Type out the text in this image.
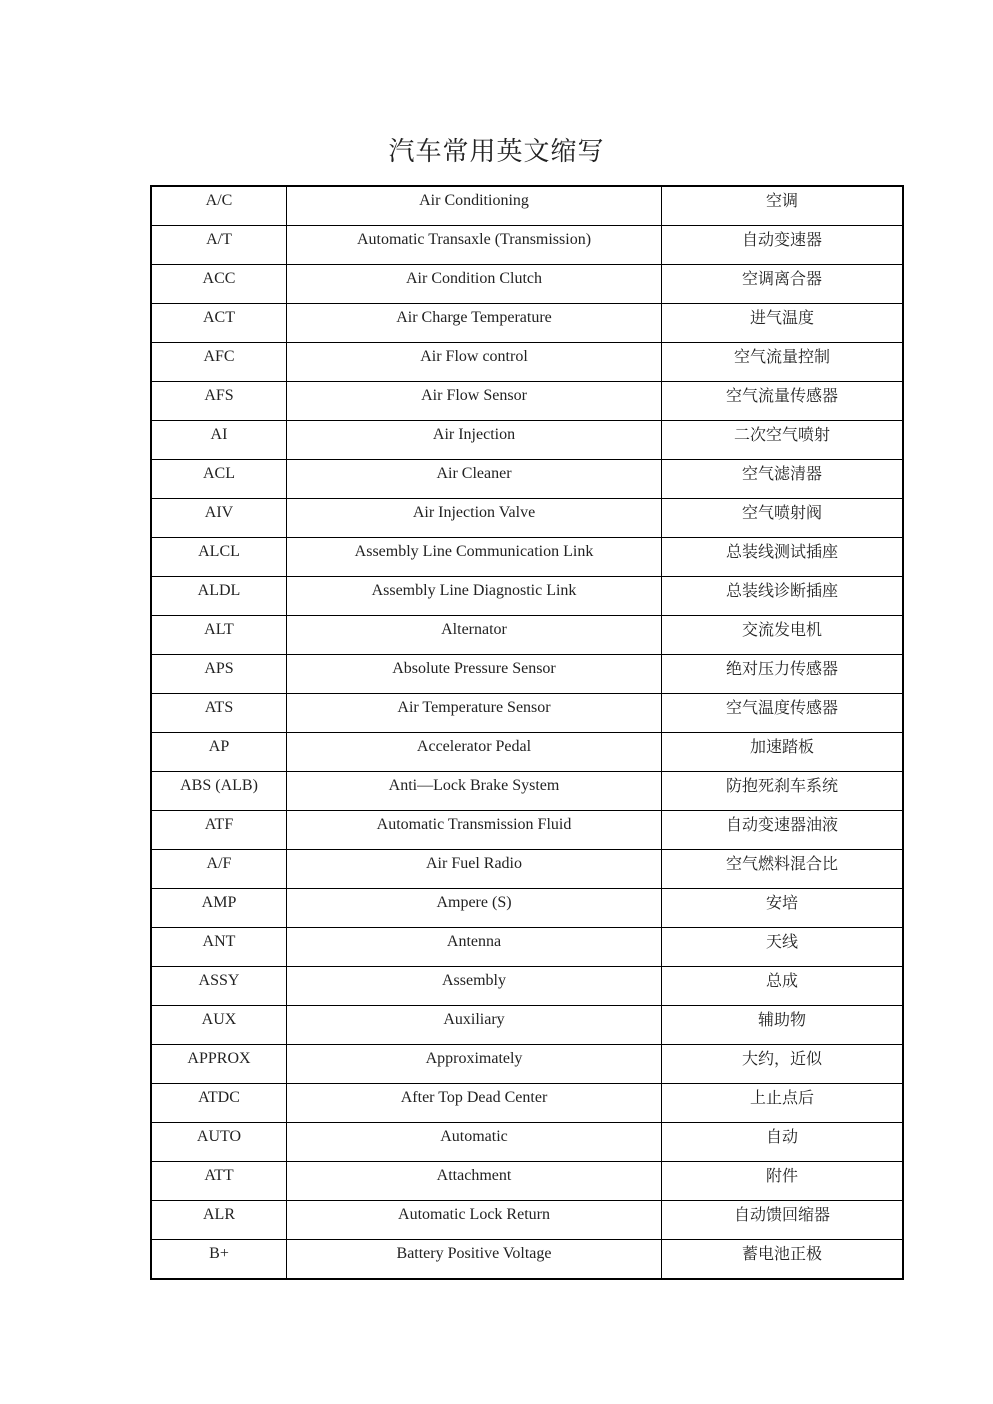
汽车常用英文缩写
A/C	Air Conditioning	空调
A/T	Automatic Transaxle (Transmission)	自动变速器
ACC	Air Condition Clutch	空调离合器
ACT	Air Charge Temperature	进气温度
AFC	Air Flow control	空气流量控制
AFS	Air Flow Sensor	空气流量传感器
AI	Air Injection	二次空气喷射
ACL	Air Cleaner	空气滤清器
AIV	Air Injection Valve	空气喷射阀
ALCL	Assembly Line Communication Link	总装线测试插座
ALDL	Assembly Line Diagnostic Link	总装线诊断插座
ALT	Alternator	交流发电机
APS	Absolute Pressure Sensor	绝对压力传感器
ATS	Air Temperature Sensor	空气温度传感器
AP	Accelerator Pedal	加速踏板
ABS (ALB)	Anti—Lock Brake System	防抱死刹车系统
ATF	Automatic Transmission Fluid	自动变速器油液
A/F	Air Fuel Radio	空气燃料混合比
AMP	Ampere (S)	安培
ANT	Antenna	天线
ASSY	Assembly	总成
AUX	Auxiliary	辅助物
APPROX	Approximately	大约，近似
ATDC	After Top Dead Center	上止点后
AUTO	Automatic	自动
ATT	Attachment	附件
ALR	Automatic Lock Return	自动馈回缩器
B+	Battery Positive Voltage	蓄电池正极
